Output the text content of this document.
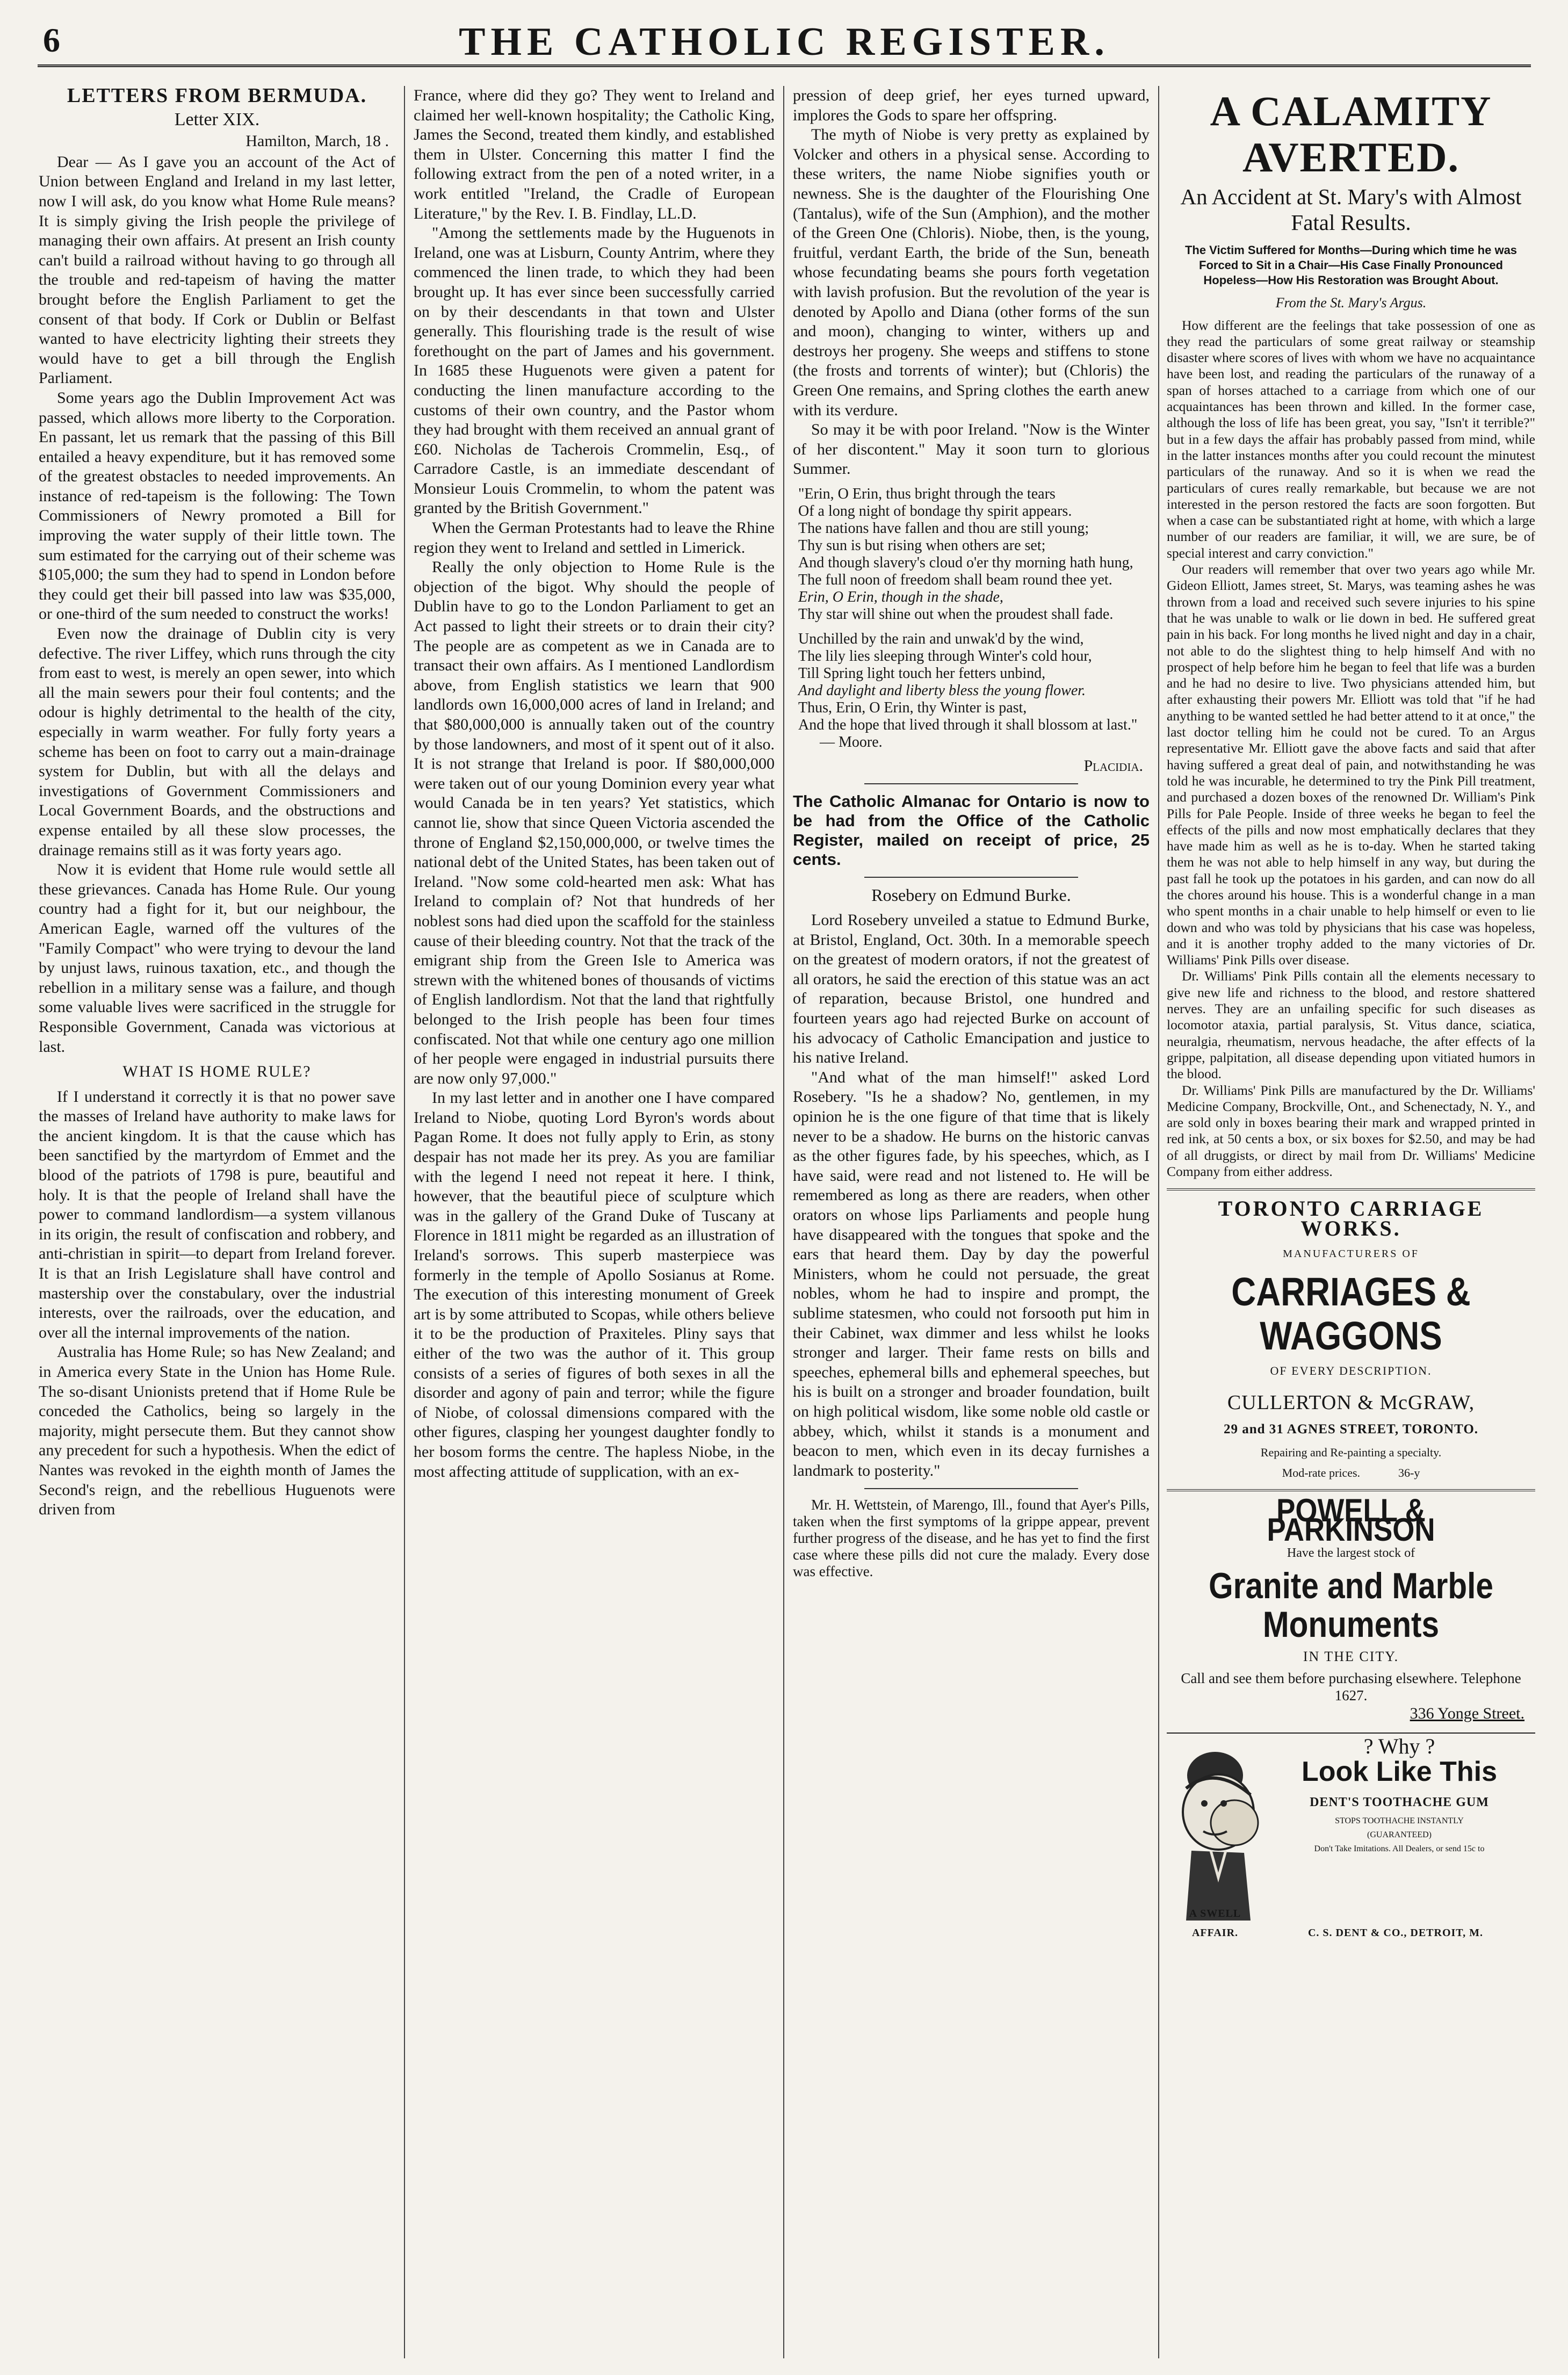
6	THE CATHOLIC REGISTER.
LETTERS FROM BERMUDA.
Letter XIX.
Hamilton, March, 18 .

Dear — As I gave you an account of the Act of Union between England and Ireland in my last letter, now I will ask, do you know what Home Rule means? It is simply giving the Irish people the privilege of managing their own affairs. At present an Irish county can't build a railroad without having to go through all the trouble and red-tapeism of having the matter brought before the English Parliament to get the consent of that body. If Cork or Dublin or Belfast wanted to have electricity lighting their streets they would have to get a bill through the English Parliament.

Some years ago the Dublin Improvement Act was passed, which allows more liberty to the Corporation. En passant, let us remark that the passing of this Bill entailed a heavy expenditure, but it has removed some of the greatest obstacles to needed improvements. An instance of red-tapeism is the following: The Town Commissioners of Newry promoted a Bill for improving the water supply of their little town. The sum estimated for the carrying out of their scheme was $105,000; the sum they had to spend in London before they could get their bill passed into law was $35,000, or one-third of the sum needed to construct the works!

Even now the drainage of Dublin city is very defective. The river Liffey, which runs through the city from east to west, is merely an open sewer, into which all the main sewers pour their foul contents; and the odour is highly detrimental to the health of the city, especially in warm weather. For fully forty years a scheme has been on foot to carry out a main-drainage system for Dublin, but with all the delays and investigations of Government Commissioners and Local Government Boards, and the obstructions and expense entailed by all these slow processes, the drainage remains still as it was forty years ago.

Now it is evident that Home rule would settle all these grievances. Canada has Home Rule. Our young country had a fight for it, but our neighbour, the American Eagle, warned off the vultures of the "Family Compact" who were trying to devour the land by unjust laws, ruinous taxation, etc., and though the rebellion in a military sense was a failure, and though some valuable lives were sacrificed in the struggle for Responsible Government, Canada was victorious at last.

WHAT IS HOME RULE?

If I understand it correctly it is that no power save the masses of Ireland have authority to make laws for the ancient kingdom. It is that the cause which has been sanctified by the martyrdom of Emmet and the blood of the patriots of 1798 is pure, beautiful and holy. It is that the people of Ireland shall have the power to command landlordism—a system villanous in its origin, the result of confiscation and robbery, and anti-christian in spirit—to depart from Ireland forever. It is that an Irish Legislature shall have control and mastership over the constabulary, over the industrial interests, over the railroads, over the education, and over all the internal improvements of the nation.

Australia has Home Rule; so has New Zealand; and in America every State in the Union has Home Rule. The so-disant Unionists pretend that if Home Rule be conceded the Catholics, being so largely in the majority, might persecute them. But they cannot show any precedent for such a hypothesis. When the edict of Nantes was revoked in the eighth month of James the Second's reign, and the rebellious Huguenots were driven from

France, where did they go? They went to Ireland and claimed her well-known hospitality; the Catholic King, James the Second, treated them kindly, and established them in Ulster. Concerning this matter I find the following extract from the pen of a noted writer, in a work entitled "Ireland, the Cradle of European Literature," by the Rev. I. B. Findlay, LL.D.

"Among the settlements made by the Huguenots in Ireland, one was at Lisburn, County Antrim, where they commenced the linen trade, to which they had been brought up. It has ever since been successfully carried on by their descendants in that town and Ulster generally. This flourishing trade is the result of wise forethought on the part of James and his government. In 1685 these Huguenots were given a patent for conducting the linen manufacture according to the customs of their own country, and the Pastor whom they had brought with them received an annual grant of £60. Nicholas de Tacherois Crommelin, Esq., of Carradore Castle, is an immediate descendant of Monsieur Louis Crommelin, to whom the patent was granted by the British Government."

When the German Protestants had to leave the Rhine region they went to Ireland and settled in Limerick.

Really the only objection to Home Rule is the objection of the bigot. Why should the people of Dublin have to go to the London Parliament to get an Act passed to light their streets or to drain their city? The people are as competent as we in Canada are to transact their own affairs. As I mentioned Landlordism above, from English statistics we learn that 900 landlords own 16,000,000 acres of land in Ireland; and that $80,000,000 is annually taken out of the country by those landowners, and most of it spent out of it also. It is not strange that Ireland is poor. If $80,000,000 were taken out of our young Dominion every year what would Canada be in ten years? Yet statistics, which cannot lie, show that since Queen Victoria ascended the throne of England $2,150,000,000, or twelve times the national debt of the United States, has been taken out of Ireland. "Now some cold-hearted men ask: What has Ireland to complain of? Not that hundreds of her noblest sons had died upon the scaffold for the stainless cause of their bleeding country. Not that the track of the emigrant ship from the Green Isle to America was strewn with the whitened bones of thousands of victims of English landlordism. Not that the land that rightfully belonged to the Irish people has been four times confiscated. Not that while one century ago one million of her people were engaged in industrial pursuits there are now only 97,000."

In my last letter and in another one I have compared Ireland to Niobe, quoting Lord Byron's words about Pagan Rome. It does not fully apply to Erin, as stony despair has not made her its prey. As you are familiar with the legend I need not repeat it here. I think, however, that the beautiful piece of sculpture which was in the gallery of the Grand Duke of Tuscany at Florence in 1811 might be regarded as an illustration of Ireland's sorrows. This superb masterpiece was formerly in the temple of Apollo Sosianus at Rome. The execution of this interesting monument of Greek art is by some attributed to Scopas, while others believe it to be the production of Praxiteles. Pliny says that either of the two was the author of it. This group consists of a series of figures of both sexes in all the disorder and agony of pain and terror; while the figure of Niobe, of colossal dimensions compared with the other figures, clasping her youngest daughter fondly to her bosom forms the centre. The hapless Niobe, in the most affecting attitude of supplication, with an ex-

pression of deep grief, her eyes turned upward, implores the Gods to spare her offspring.

The myth of Niobe is very pretty as explained by Volcker and others in a physical sense. According to these writers, the name Niobe signifies youth or newness. She is the daughter of the Flourishing One (Tantalus), wife of the Sun (Amphion), and the mother of the Green One (Chloris). Niobe, then, is the young, fruitful, verdant Earth, the bride of the Sun, beneath whose fecundating beams she pours forth vegetation with lavish profusion. But the revolution of the year is denoted by Apollo and Diana (other forms of the sun and moon), changing to winter, withers up and destroys her progeny. She weeps and stiffens to stone (the frosts and torrents of winter); but (Chloris) the Green One remains, and Spring clothes the earth anew with its verdure.

So may it be with poor Ireland. "Now is the Winter of her discontent." May it soon turn to glorious Summer.

"Erin, O Erin, thus bright through the tears
Of a long night of bondage thy spirit appears.
The nations have fallen and thou are still young;
Thy sun is but rising when others are set;
And though slavery's cloud o'er thy morning hath hung,
The full noon of freedom shall beam round thee yet.
Erin, O Erin, though in the shade,
Thy star will shine out when the proudest shall fade.
Unchilled by the rain and unwak'd by the wind,
The lily lies sleeping through Winter's cold hour,
Till Spring light touch her fetters unbind,
And daylight and liberty bless the young flower.
Thus, Erin, O Erin, thy Winter is past,
And the hope that lived through it shall blossom at last." — Moore.
Placidia.
The Catholic Almanac for Ontario is now to be had from the Office of the Catholic Register, mailed on receipt of price, 25 cents.
Rosebery on Edmund Burke.

Lord Rosebery unveiled a statue to Edmund Burke, at Bristol, England, Oct. 30th. In a memorable speech on the greatest of modern orators, if not the greatest of all orators, he said the erection of this statue was an act of reparation, because Bristol, one hundred and fourteen years ago had rejected Burke on account of his advocacy of Catholic Emancipation and justice to his native Ireland.

"And what of the man himself!" asked Lord Rosebery. "Is he a shadow? No, gentlemen, in my opinion he is the one figure of that time that is likely never to be a shadow. He burns on the historic canvas as the other figures fade, by his speeches, which, as I have said, were read and not listened to. He will be remembered as long as there are readers, when other orators on whose lips Parliaments and people hung have disappeared with the tongues that spoke and the ears that heard them. Day by day the powerful Ministers, whom he could not persuade, the great nobles, whom he had to inspire and prompt, the sublime statesmen, who could not forsooth put him in their Cabinet, wax dimmer and less whilst he looks stronger and larger. Their fame rests on bills and speeches, ephemeral bills and ephemeral speeches, but his is built on a stronger and broader foundation, built on high political wisdom, like some noble old castle or abbey, which, whilst it stands is a monument and beacon to men, which even in its decay furnishes a landmark to posterity."

Mr. H. Wettstein, of Marengo, Ill., found that Ayer's Pills, taken when the first symptoms of la grippe appear, prevent further progress of the disease, and he has yet to find the first case where these pills did not cure the malady. Every dose was effective.

A CALAMITY AVERTED.
An Accident at St. Mary's with Almost Fatal Results.
The Victim Suffered for Months—During which time he was Forced to Sit in a Chair—His Case Finally Pronounced Hopeless—How His Restoration was Brought About.
From the St. Mary's Argus.

How different are the feelings that take possession of one as they read the particulars of some great railway or steamship disaster where scores of lives with whom we have no acquaintance have been lost, and reading the particulars of the runaway of a span of horses attached to a carriage from which one of our acquaintances has been thrown and killed. In the former case, although the loss of life has been great, you say, "Isn't it terrible?" but in a few days the affair has probably passed from mind, while in the latter instances months after you could recount the minutest particulars of the runaway. And so it is when we read the particulars of cures really remarkable, but because we are not interested in the person restored the facts are soon forgotten. But when a case can be substantiated right at home, with which a large number of our readers are familiar, it will, we are sure, be of special interest and carry conviction."

Our readers will remember that over two years ago while Mr. Gideon Elliott, James street, St. Marys, was teaming ashes he was thrown from a load and received such severe injuries to his spine that he was unable to walk or lie down in bed. He suffered great pain in his back. For long months he lived night and day in a chair, not able to do the slightest thing to help himself And with no prospect of help before him he began to feel that life was a burden and he had no desire to live. Two physicians attended him, but after exhausting their powers Mr. Elliott was told that "if he had anything to be wanted settled he had better attend to it at once," the last doctor telling him he could not be cured. To an Argus representative Mr. Elliott gave the above facts and said that after having suffered a great deal of pain, and notwithstanding he was told he was incurable, he determined to try the Pink Pill treatment, and purchased a dozen boxes of the renowned Dr. William's Pink Pills for Pale People. Inside of three weeks he began to feel the effects of the pills and now most emphatically declares that they have made him as well as he is to-day. When he started taking them he was not able to help himself in any way, but during the past fall he took up the potatoes in his garden, and can now do all the chores around his house. This is a wonderful change in a man who spent months in a chair unable to help himself or even to lie down and who was told by physicians that his case was hopeless, and it is another trophy added to the many victories of Dr. Williams' Pink Pills over disease.

Dr. Williams' Pink Pills contain all the elements necessary to give new life and richness to the blood, and restore shattered nerves. They are an unfailing specific for such diseases as locomotor ataxia, partial paralysis, St. Vitus dance, sciatica, neuralgia, rheumatism, nervous headache, the after effects of la grippe, palpitation, all disease depending upon vitiated humors in the blood.

Dr. Williams' Pink Pills are manufactured by the Dr. Williams' Medicine Company, Brockville, Ont., and Schenectady, N. Y., and are sold only in boxes bearing their mark and wrapped printed in red ink, at 50 cents a box, or six boxes for $2.50, and may be had of all druggists, or direct by mail from Dr. Williams' Medicine Company from either address.

TORONTO CARRIAGE WORKS.
MANUFACTURERS OF
CARRIAGES & WAGGONS
OF EVERY DESCRIPTION.
CULLERTON & McGRAW,
29 and 31 AGNES STREET, TORONTO.
Repairing and Re-painting a specialty.
Mod-rate prices.	36-y
POWELL & PARKINSON
Have the largest stock of
Granite and Marble Monuments
IN THE CITY.
Call and see them before purchasing elsewhere. Telephone 1627.
336 Yonge Street.
? Why ?
Look Like This
DENT'S TOOTHACHE GUM
STOPS TOOTHACHE INSTANTLY
(GUARANTEED)
Don't Take Imitations. All Dealers, or send 15c to
A SWELL AFFAIR.	C. S. DENT & CO., DETROIT, M.
